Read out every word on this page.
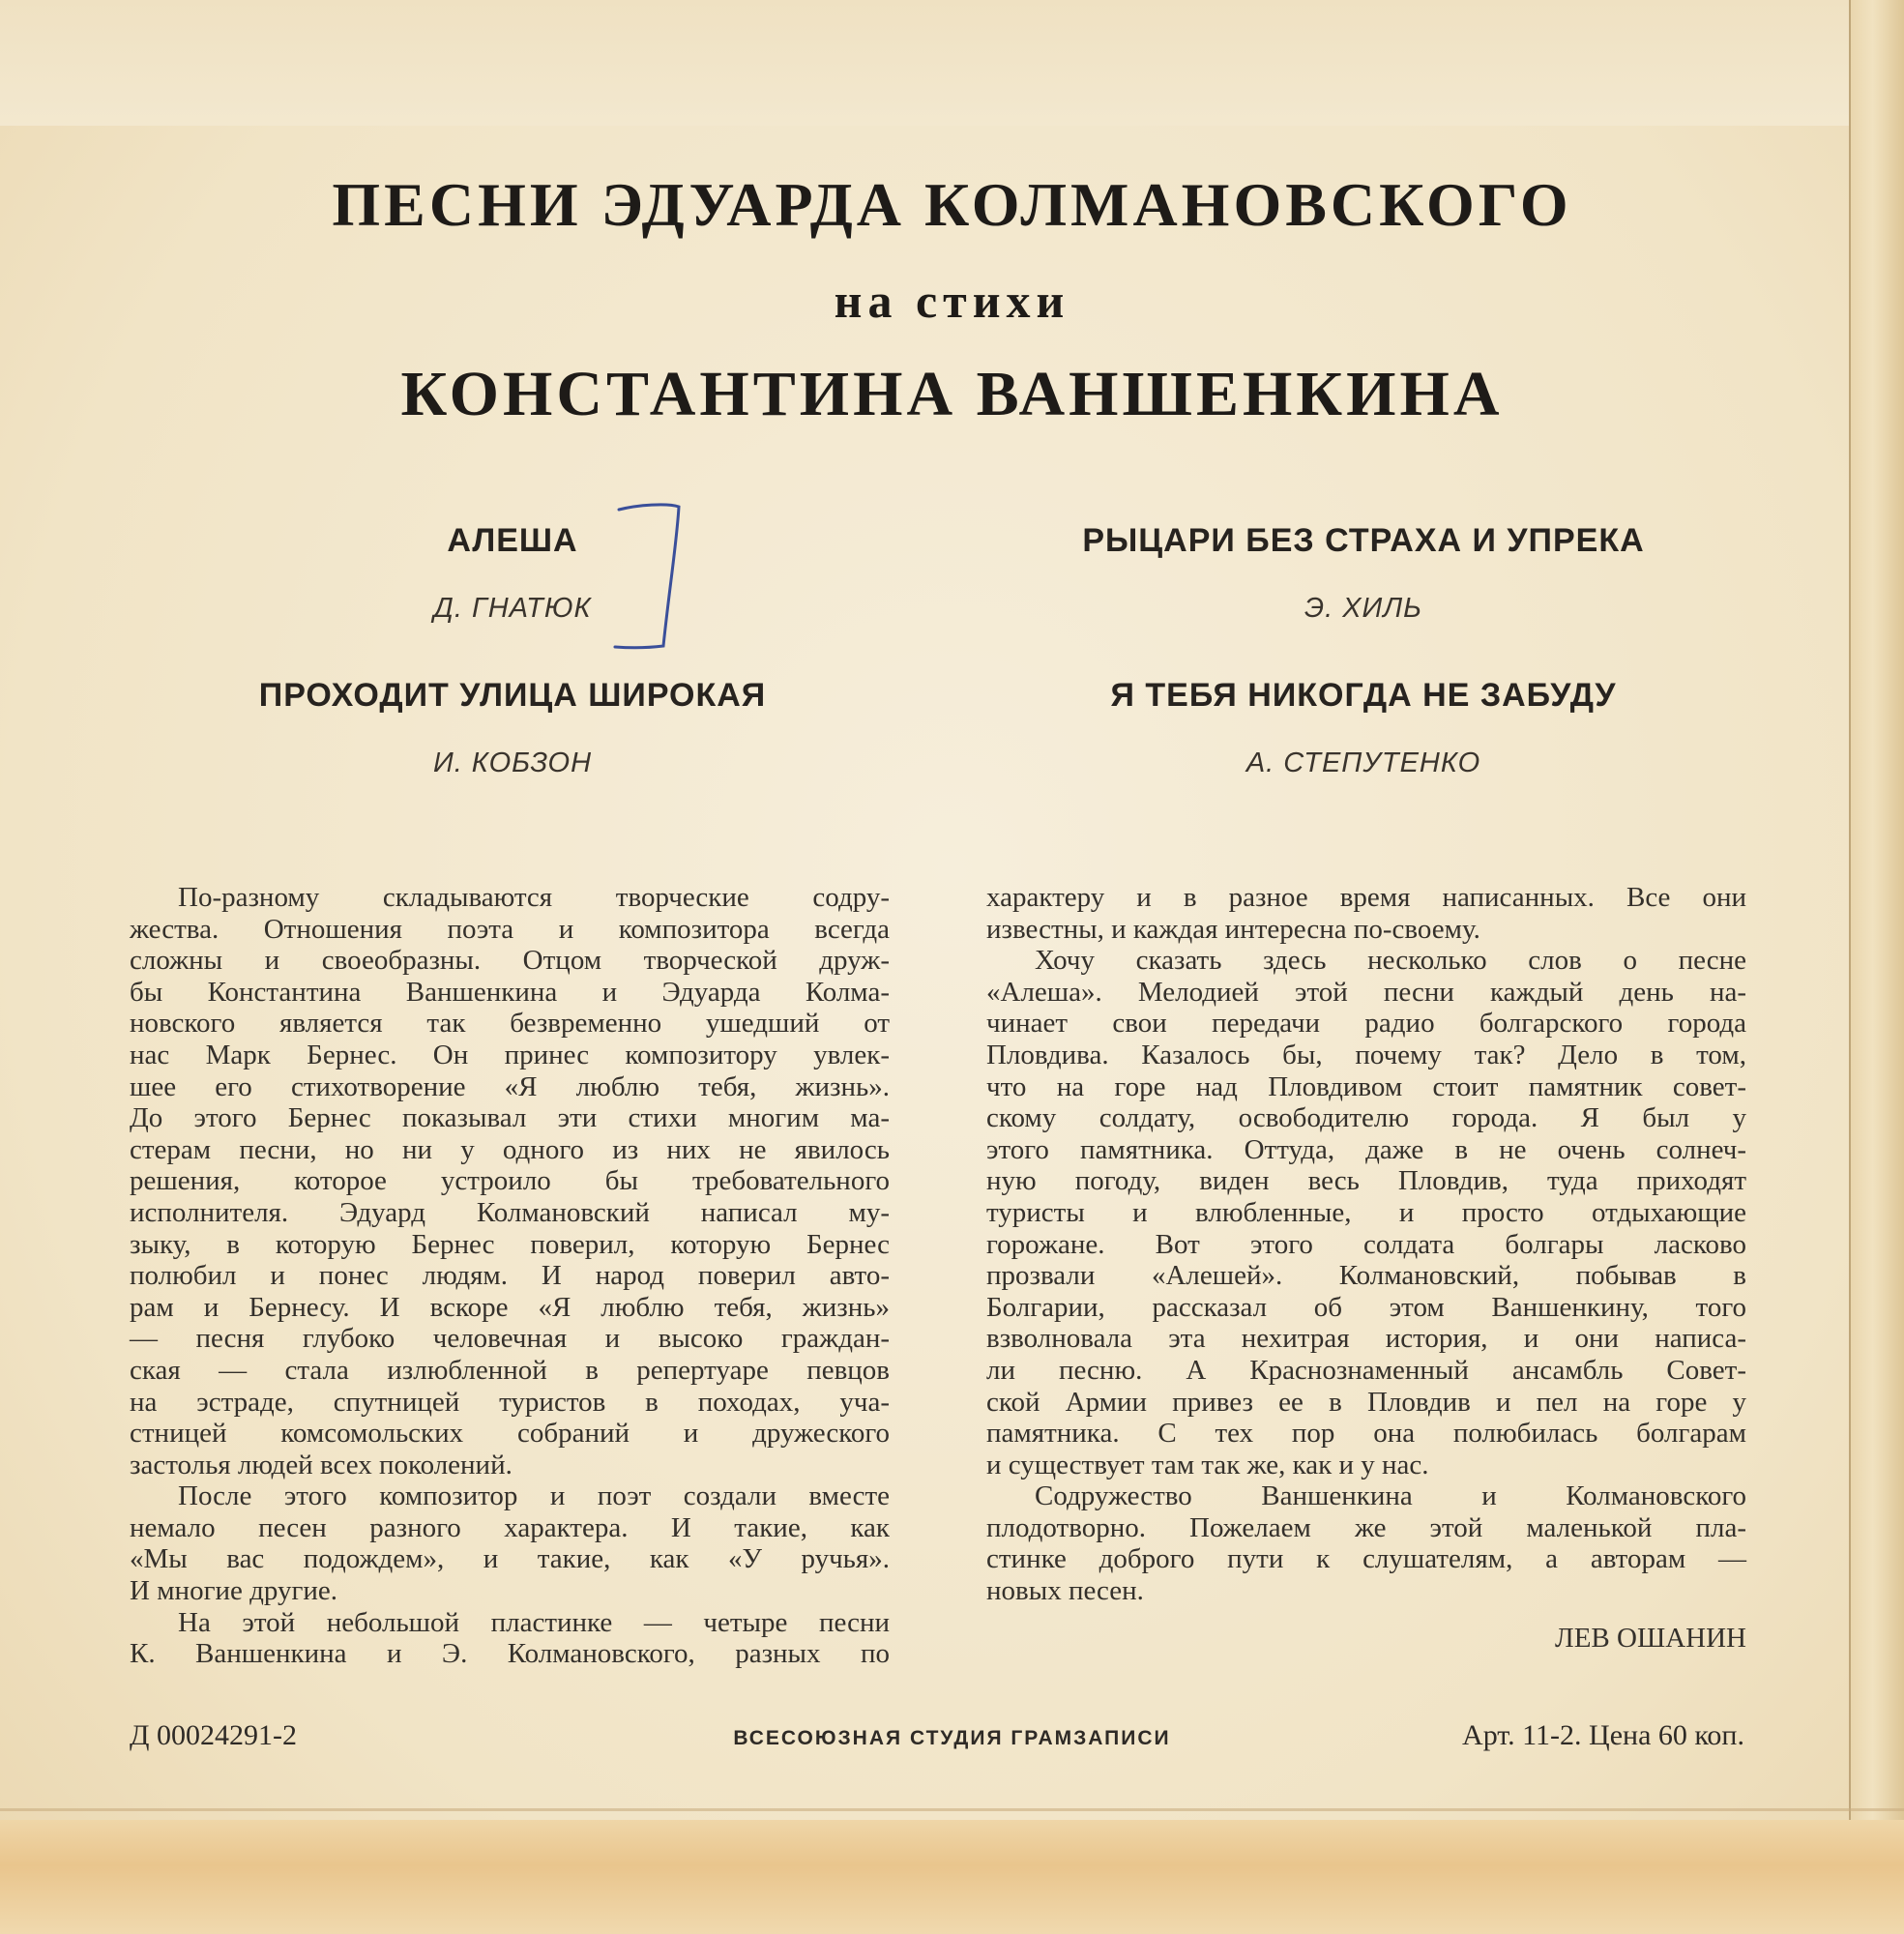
ПЕСНИ ЭДУАРДА КОЛМАНОВСКОГО
на стихи
КОНСТАНТИНА ВАНШЕНКИНА
АЛЕША
Д. ГНАТЮК
ПРОХОДИТ УЛИЦА ШИРОКАЯ
И. КОБЗОН
РЫЦАРИ БЕЗ СТРАХА И УПРЕКА
Э. ХИЛЬ
Я ТЕБЯ НИКОГДА НЕ ЗАБУДУ
А. СТЕПУТЕНКО
По-разному складываются творческие содру-
жества. Отношения поэта и композитора всегда
сложны и своеобразны. Отцом творческой друж-
бы Константина Ваншенкина и Эдуарда Колма-
новского является так безвременно ушедший от
нас Марк Бернес. Он принес композитору увлек-
шее его стихотворение «Я люблю тебя, жизнь».
До этого Бернес показывал эти стихи многим ма-
стерам песни, но ни у одного из них не явилось
решения, которое устроило бы требовательного
исполнителя. Эдуард Колмановский написал му-
зыку, в которую Бернес поверил, которую Бернес
полюбил и понес людям. И народ поверил авто-
рам и Бернесу. И вскоре «Я люблю тебя, жизнь»
— песня глубоко человечная и высоко граждан-
ская — стала излюбленной в репертуаре певцов
на эстраде, спутницей туристов в походах, уча-
стницей комсомольских собраний и дружеского
застолья людей всех поколений.
После этого композитор и поэт создали вместе
немало песен разного характера. И такие, как
«Мы вас подождем», и такие, как «У ручья».
И многие другие.
На этой небольшой пластинке — четыре песни
К. Ваншенкина и Э. Колмановского, разных по
характеру и в разное время написанных. Все они
известны, и каждая интересна по-своему.
Хочу сказать здесь несколько слов о песне
«Алеша». Мелодией этой песни каждый день на-
чинает свои передачи радио болгарского города
Пловдива. Казалось бы, почему так? Дело в том,
что на горе над Пловдивом стоит памятник совет-
скому солдату, освободителю города. Я был у
этого памятника. Оттуда, даже в не очень солнеч-
ную погоду, виден весь Пловдив, туда приходят
туристы и влюбленные, и просто отдыхающие
горожане. Вот этого солдата болгары ласково
прозвали «Алешей». Колмановский, побывав в
Болгарии, рассказал об этом Ваншенкину, того
взволновала эта нехитрая история, и они написа-
ли песню. А Краснознаменный ансамбль Совет-
ской Армии привез ее в Пловдив и пел на горе у
памятника. С тех пор она полюбилась болгарам
и существует там так же, как и у нас.
Содружество Ваншенкина и Колмановского
плодотворно. Пожелаем же этой маленькой пла-
стинке доброго пути к слушателям, а авторам —
новых песен.
ЛЕВ ОШАНИН
Д 00024291-2	ВСЕСОЮЗНАЯ СТУДИЯ ГРАМЗАПИСИ	Арт. 11-2. Цена 60 коп.
